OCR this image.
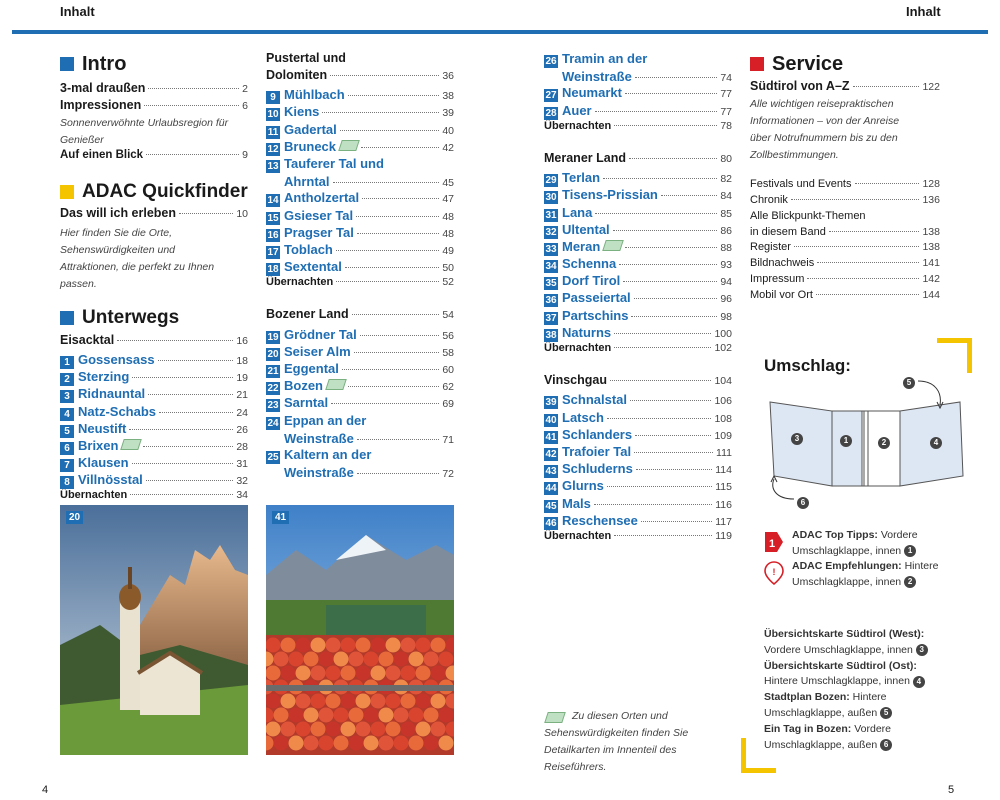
Inhalt	Inhalt
Intro
3-mal draußen	2
Impressionen	6
Sonnenverwöhnte Urlaubsregion für Genießer
Auf einen Blick	9
ADAC Quickfinder
Das will ich erleben	10
Hier finden Sie die Orte, Sehenswürdigkeiten und Attraktionen, die perfekt zu Ihnen passen.
Unterwegs
Eisacktal	16
1 Gossensass	18
2 Sterzing	19
3 Ridnauntal	21
4 Natz-Schabs	24
5 Neustift	26
6 Brixen	28
7 Klausen	31
8 Villnösstal	32
Übernachten	34
Pustertal und
Dolomiten	36
9 Mühlbach	38
10 Kiens	39
11 Gadertal	40
12 Bruneck	42
13 Tauferer Tal und
Ahrntal	45
14 Antholzertal	47
15 Gsieser Tal	48
16 Pragser Tal	48
17 Toblach	49
18 Sextental	50
Übernachten	52
Bozener Land	54
19 Grödner Tal	56
20 Seiser Alm	58
21 Eggental	60
22 Bozen	62
23 Sarntal	69
24 Eppan an der
Weinstraße	71
25 Kaltern an der
Weinstraße	72
26 Tramin an der
Weinstraße	74
27 Neumarkt	77
28 Auer	77
Übernachten	78
Meraner Land	80
29 Terlan	82
30 Tisens-Prissian	84
31 Lana	85
32 Ultental	86
33 Meran	88
34 Schenna	93
35 Dorf Tirol	94
36 Passeiertal	96
37 Partschins	98
38 Naturns	100
Übernachten	102
Vinschgau	104
39 Schnalstal	106
40 Latsch	108
41 Schlanders	109
42 Trafoier Tal	111
43 Schluderns	114
44 Glurns	115
45 Mals	116
46 Reschensee	117
Übernachten	119
Zu diesen Orten und Sehenswürdigkeiten finden Sie Detailkarten im Innenteil des Reiseführers.
Service
Südtirol von A–Z	122
Alle wichtigen reisepraktischen Informationen – von der Anreise über Notrufnummern bis zu den Zollbestimmungen.
Festivals und Events	128
Chronik	136
Alle Blickpunkt-Themen
in diesem Band	138
Register	138
Bildnachweis	141
Impressum	142
Mobil vor Ort	144
Umschlag:
5
3	1	2	4
6
1
ADAC Top Tipps: Vordere
Umschlagklappe, innen 1
! ADAC Empfehlungen: Hintere
Umschlagklappe, innen 2
Übersichtskarte Südtirol (West):
Vordere Umschlagklappe, innen 3
Übersichtskarte Südtirol (Ost):
Hintere Umschlagklappe, innen 4
Stadtplan Bozen: Hintere
Umschlagklappe, außen 5
Ein Tag in Bozen: Vordere
Umschlagklappe, außen 6
20	41
4	5
